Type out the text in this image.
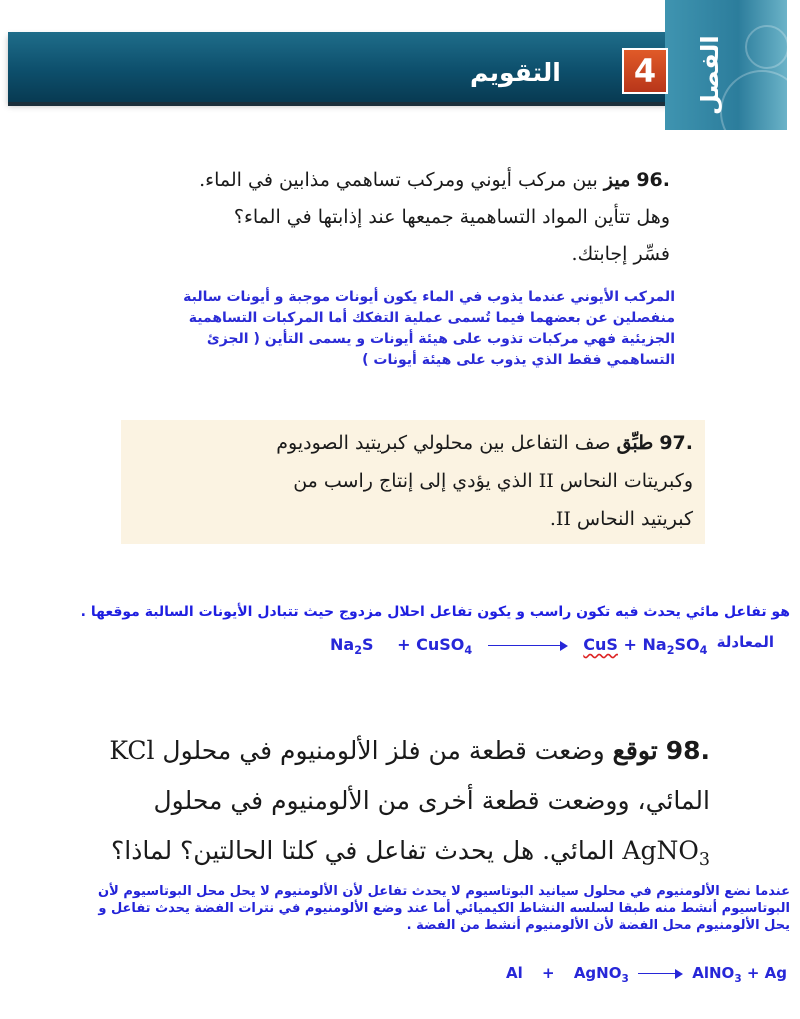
الفصل
4
التقويم
96. ميز بين مركب أيوني ومركب تساهمي مذابين في الماء.
وهل تتأين المواد التساهمية جميعها عند إذابتها في الماء؟
فسِّر إجابتك.
المركب الأيوني عندما يذوب في الماء يكون أيونات موجبة و أيونات سالبة
منفصلين عن بعضهما فيما تُسمى عملية التفكك أما المركبات التساهمية
الجزيئية فهي مركبات تذوب على هيئة أيونات و يسمى التأين ( الجزئ
التساهمي فقط الذي يذوب على هيئة أيونات )
97. طبِّق صف التفاعل بين محلولي كبريتيد الصوديوم
وكبريتات النحاس II الذي يؤدي إلى إنتاج راسب من
كبريتيد النحاس II.
هو تفاعل مائي يحدث فيه تكون راسب و يكون تفاعل احلال مزدوج حيث تتبادل الأيونات السالبة موقعها .
المعادلة
$Na_2S$ + CuSO$_4$	CuS + $Na_2SO_4$
98. توقع وضعت قطعة من فلز الألومنيوم في محلول KCl
المائي، ووضعت قطعة أخرى من الألومنيوم في محلول
AgNO$_3$ المائي. هل يحدث تفاعل في كلتا الحالتين؟ لماذا؟
عندما نضع الألومنيوم في محلول سيانيد البوتاسيوم لا يحدث تفاعل لأن الألومنيوم لا يحل محل البوتاسيوم لأن
البوتاسيوم أنشط منه طبقا لسلسه النشاط الكيميائي أما عند وضع الألومنيوم في نترات الفضة يحدث تفاعل و
يحل الألومنيوم محل الفضة لأن الألومنيوم أنشط من الفضة .
Al + AgNO$_3$	AlNO$_3$ + Ag
